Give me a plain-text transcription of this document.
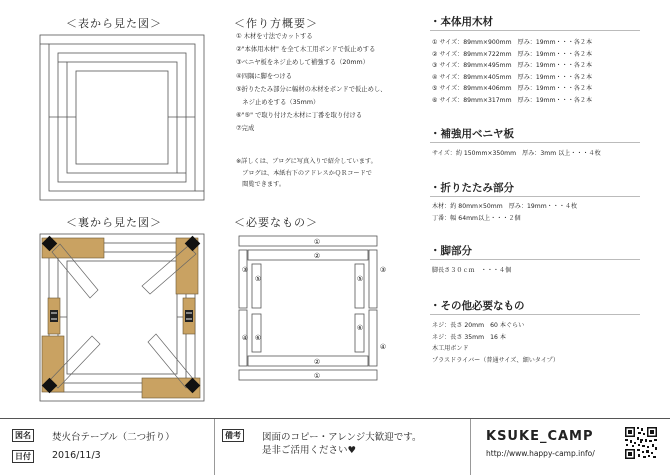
＜表から見た図＞	＜作り方概要＞
＜裏から見た図＞	＜必要なもの＞
① 木材を寸法でカットする
②"本体用木材" を全て木工用ボンドで仮止めする
③ベニヤ板をネジ止めして補強する（20mm）
④四隅に脚をつける
⑤折りたたみ部分に幅材の木材をボンドで仮止めし、
　ネジ止めをする（35mm）
⑥"⑤" で取り付けた木材に丁番を取り付ける
⑦完成
※詳しくは、ブログに写真入りで紹介しています。
　ブログは、本紙右下のアドレスかＱＲコードで
　閲覧できます。
①
②
③
⑤	⑤
③
④ ⑥
⑥
④
②
①
・本体用木材
① サイズ：89mm×900mm　厚み：19mm・・・各２本
② サイズ：89mm×722mm　厚み：19mm・・・各２本
③ サイズ：89mm×495mm　厚み：19mm・・・各２本
④ サイズ：89mm×405mm　厚み：19mm・・・各２本
⑤ サイズ：89mm×406mm　厚み：19mm・・・各２本
⑥ サイズ：89mm×317mm　厚み：19mm・・・各２本
・補強用ベニヤ板
サイズ：約 150mm×350mm　厚み：3mm 以上・・・４枚
・折りたたみ部分
木材：約 80mm×50mm　厚み：19mm・・・４枚
丁番：幅 64mm以上・・・２個
・脚部分
脚長さ３０ｃｍ　・・・４個
・その他必要なもの
ネジ：長さ 20mm　60 本ぐらい
ネジ：長さ 35mm　16 本
木工用ボンド
プラスドライバー（普通サイズ、細いタイプ）
図名	焚火台テーブル（二つ折り）
日付	2016/11/3
備考	図面のコピー・アレンジ大歓迎です。
是非ご活用ください♥
KSUKE_CAMP
http://www.happy-camp.info/
